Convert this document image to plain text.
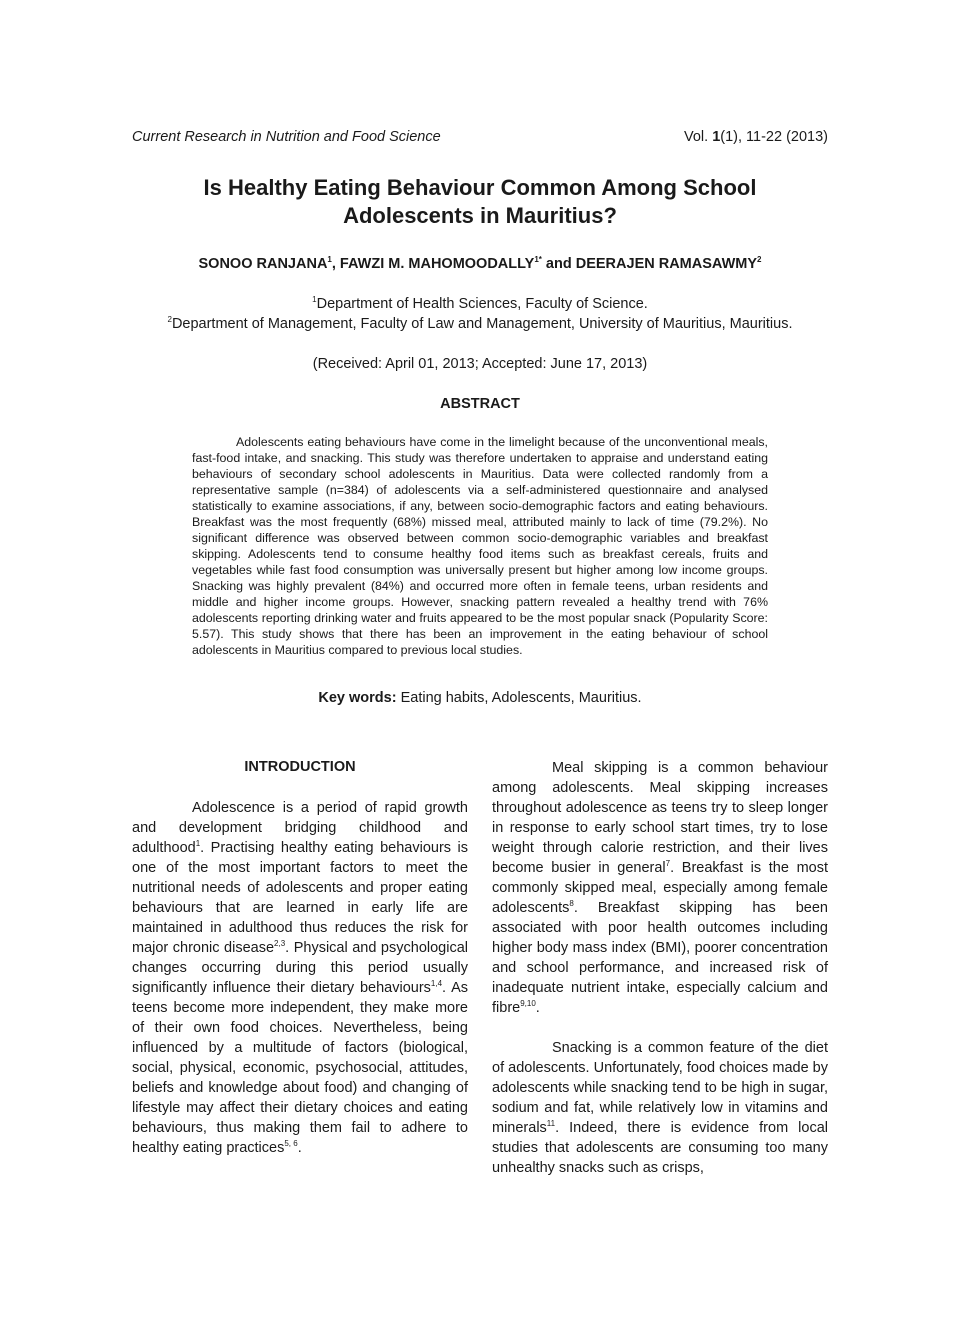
Current Research in Nutrition and Food Science	Vol. 1(1), 11-22 (2013)
Is Healthy Eating Behaviour Common Among School
Adolescents in Mauritius?
SONOO RANJANA$^1$, FAWZI M. $MAHOMOODALLY^{1*}$ and DEERAJEN RAMASAWMY$^2$
$^1$Department of Health Sciences, Faculty of Science.
$^2$Department of Management, Faculty of Law and Management, University of Mauritius, Mauritius.
(Received: April 01, 2013; Accepted: June 17, 2013)
ABSTRACT
Adolescents eating behaviours have come in the limelight because of the unconventional meals, fast-food intake, and snacking. This study was therefore undertaken to appraise and understand eating behaviours of secondary school adolescents in Mauritius. Data were collected randomly from a representative sample (n=384) of adolescents via a self-administered questionnaire and analysed statistically to examine associations, if any, between socio-demographic factors and eating behaviours. Breakfast was the most frequently (68%) missed meal, attributed mainly to lack of time (79.2%). No significant difference was observed between common socio-demographic variables and breakfast skipping. Adolescents tend to consume healthy food items such as breakfast cereals, fruits and vegetables while fast food consumption was universally present but higher among low income groups. Snacking was highly prevalent (84%) and occurred more often in female teens, urban residents and middle and higher income groups. However, snacking pattern revealed a healthy trend with 76% adolescents reporting drinking water and fruits appeared to be the most popular snack (Popularity Score: 5.57). This study shows that there has been an improvement in the eating behaviour of school adolescents in Mauritius compared to previous local studies.
Key words: Eating habits, Adolescents, Mauritius.
INTRODUCTION

Adolescence is a period of rapid growth and development bridging childhood and adulthood$^1$. Practising healthy eating behaviours is one of the most important factors to meet the nutritional needs of adolescents and proper eating behaviours that are learned in early life are maintained in adulthood thus reduces the risk for major chronic disease$^{2,3}$. Physical and psychological changes occurring during this period usually significantly influence their dietary behaviours$^{1,4}$. As teens become more independent, they make more of their own food choices. Nevertheless, being influenced by a multitude of factors (biological, social, physical, economic, psychosocial, attitudes, beliefs and knowledge about food) and changing of lifestyle may affect their dietary choices and eating behaviours, thus making them fail to adhere to healthy eating practices$^{5, 6}$.

Meal skipping is a common behaviour among adolescents. Meal skipping increases throughout adolescence as teens try to sleep longer in response to early school start times, try to lose weight through calorie restriction, and their lives become busier in general$^7$. Breakfast is the most commonly skipped meal, especially among female adolescents$^8$. Breakfast skipping has been associated with poor health outcomes including higher body mass index (BMI), poorer concentration and school performance, and increased risk of inadequate nutrient intake, especially calcium and fibre$^{9,10}$.

Snacking is a common feature of the diet of adolescents. Unfortunately, food choices made by adolescents while snacking tend to be high in sugar, sodium and fat, while relatively low in vitamins and minerals$^{11}$. Indeed, there is evidence from local studies that adolescents are consuming too many unhealthy snacks such as crisps,
